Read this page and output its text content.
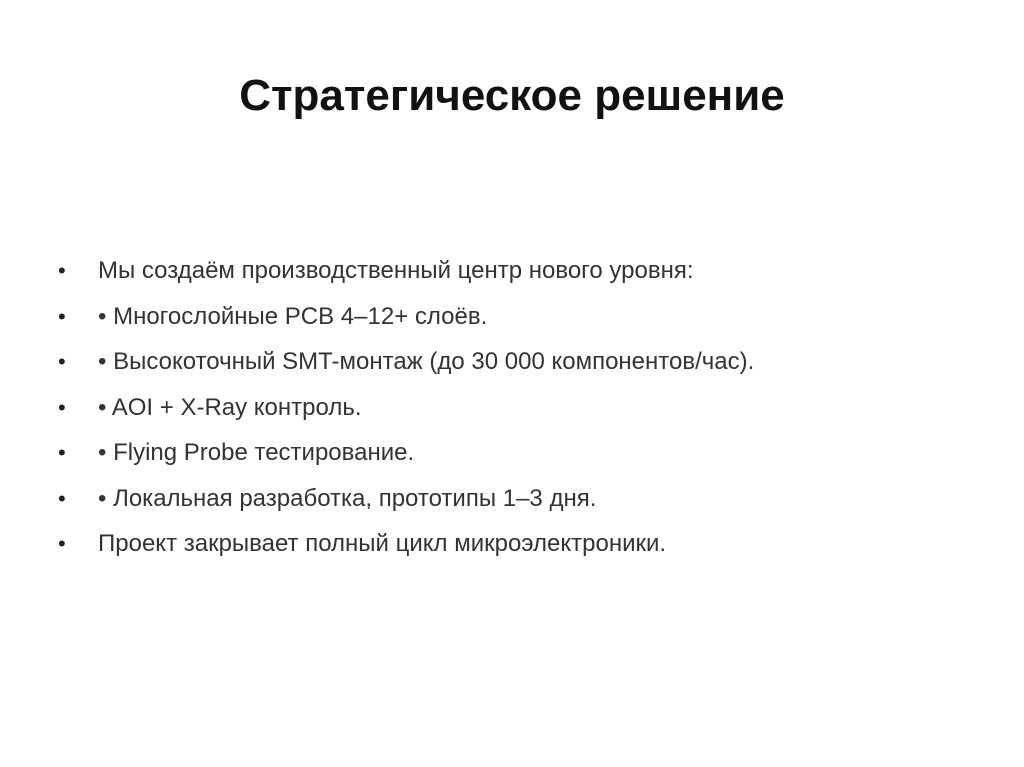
Стратегическое решение
•	Мы создаём производственный центр нового уровня:
•	• Многослойные PCB 4–12+ слоёв.
•	• Высокоточный SMT-монтаж (до 30 000 компонентов/час).
•	• AOI + X-Ray контроль.
•	• Flying Probe тестирование.
•	• Локальная разработка, прототипы 1–3 дня.
•	Проект закрывает полный цикл микроэлектроники.
